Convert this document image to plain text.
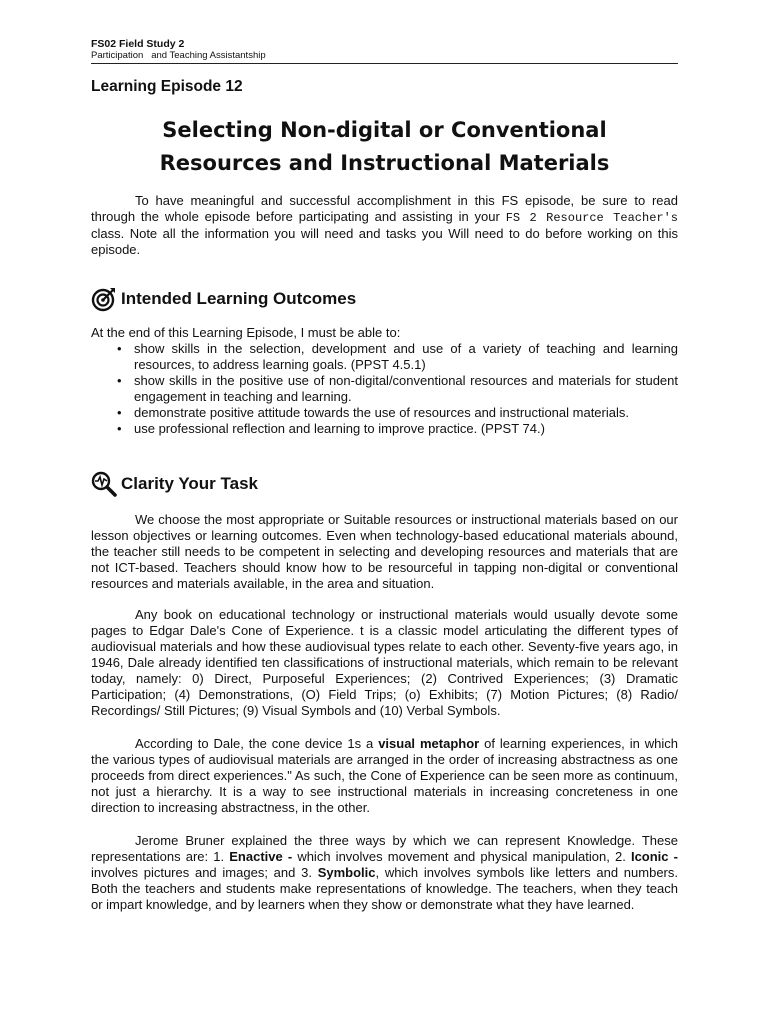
FS02 Field Study 2
Participation   and Teaching Assistantship
Learning Episode 12
Selecting Non-digital or Conventional
Resources and Instructional Materials

To have meaningful and successful accomplishment in this FS episode, be sure to read through the whole episode before participating and assisting in your FS 2 Resource Teacher's class. Note all the information you will need and tasks you Will need to do before working on this episode.

Intended Learning Outcomes

At the end of this Learning Episode, I must be able to:

• show skills in the selection, development and use of a variety of teaching and learning resources, to address learning goals. (PPST 4.5.1)
• show skills in the positive use of non-digital/conventional resources and materials for student engagement in teaching and learning.
• demonstrate positive attitude towards the use of resources and instructional materials.
• use professional reflection and learning to improve practice. (PPST 74.)
Clarity Your Task

We choose the most appropriate or Suitable resources or instructional materials based on our lesson objectives or learning outcomes. Even when technology-based educational materials abound, the teacher still needs to be competent in selecting and developing resources and materials that are not ICT-based. Teachers should know how to be resourceful in tapping non-digital or conventional resources and materials available, in the area and situation.

Any book on educational technology or instructional materials would usually devote some pages to Edgar Dale's Cone of Experience. t is a classic model articulating the different types of audiovisual materials and how these audiovisual types relate to each other. Seventy-five years ago, in 1946, Dale already identified ten classifications of instructional materials, which remain to be relevant today, namely: 0) Direct, Purposeful Experiences; (2) Contrived Experiences; (3) Dramatic Participation; (4) Demonstrations, (O) Field Trips; (o) Exhibits; (7) Motion Pictures; (8) Radio/ Recordings/ Still Pictures; (9) Visual Symbols and (10) Verbal Symbols.

According to Dale, the cone device 1s a visual metaphor of learning experiences, in which the various types of audiovisual materials are arranged in the order of increasing abstractness as one proceeds from direct experiences." As such, the Cone of Experience can be seen more as continuum, not just a hierarchy. It is a way to see instructional materials in increasing concreteness in one direction to increasing abstractness, in the other.

Jerome Bruner explained the three ways by which we can represent Knowledge. These representations are: 1. Enactive - which involves movement and physical manipulation, 2. Iconic - involves pictures and images; and 3. Symbolic, which involves symbols like letters and numbers. Both the teachers and students make representations of knowledge. The teachers, when they teach or impart knowledge, and by learners when they show or demonstrate what they have learned.
